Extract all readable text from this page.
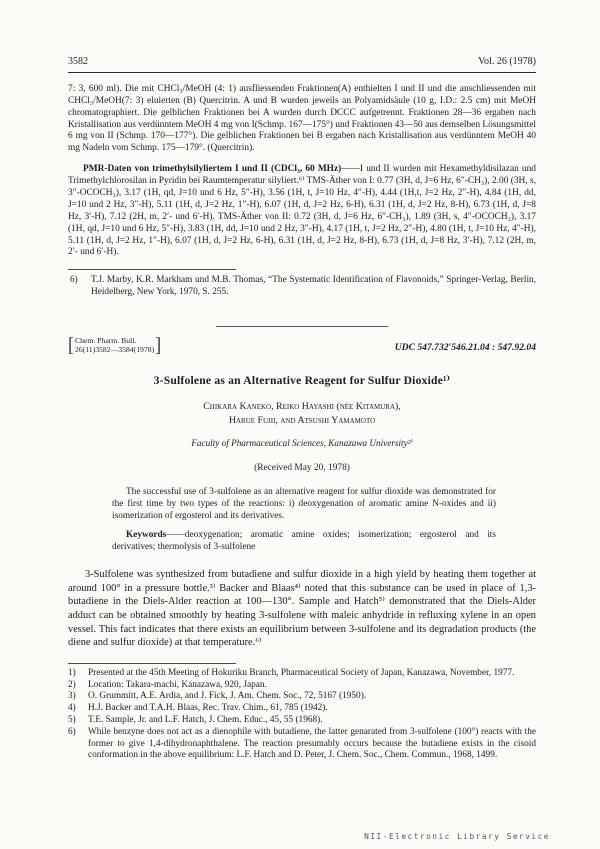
3582	Vol. 26 (1978)

7: 3, 600 ml). Die mit CHCl₃/MeOH (4: 1) ausfliessenden Fraktionen(A) enthielten I und II und die anschliessenden mit CHCl₃/MeOH(7: 3) eluierten (B) Quercitrin. A und B wurden jeweils an Polyamidsäule (10 g, I.D.: 2.5 cm) mit MeOH chromatographiert. Die gelblichen Fraktionen bei A wurden durch DCCC aufgetrennt. Fraktionen 28—36 ergaben nach Kristallisation aus verdünntem MeOH 4 mg von I(Schmp. 167—175°) und Fraktionen 43—50 aus demselben Lösungsmittel 6 mg von II (Schmp. 170—177°). Die gelblichen Fraktionen bei B ergaben nach Kristallisation aus verdünntem MeOH 40 mg Nadeln vom Schmp. 175—179°. (Quercitrin).

PMR-Daten von trimethylsilyliertem I und II (CDCl₃, 60 MHz)——I und II wurden mit Hexamethyldisilazan und Trimethylchlorosilan in Pyridin bei Raumtemperatur silyliert.⁶⁾ TMS-Äther von I: 0.77 (3H, d, J=6 Hz, 6″-CH₃), 2.00 (3H, s, 3″-OCOCH₃), 3.17 (1H, qd, J=10 und 6 Hz, 5″-H), 3.56 (1H, t, J=10 Hz, 4″-H), 4.44 (1H,t, J=2 Hz, 2″-H), 4.84 (1H, dd, J=10 und 2 Hz, 3″-H), 5.11 (1H, d, J=2 Hz, 1″-H), 6.07 (1H, d, J=2 Hz, 6-H), 6.31 (1H, d, J=2 Hz, 8-H), 6.73 (1H, d, J=8 Hz, 3′-H), 7.12 (2H, m, 2′- und 6′-H). TMS-Äther von II: 0.72 (3H, d, J=6 Hz, 6″-CH₃), 1.89 (3H, s, 4″-OCOCH₃), 3.17 (1H, qd, J=10 und 6 Hz, 5″-H), 3.83 (1H, dd, J=10 und 2 Hz, 3″-H), 4.17 (1H, t, J=2 Hz, 2″-H), 4.80 (1H, t, J=10 Hz, 4″-H), 5.11 (1H, d, J=2 Hz, 1″-H), 6.07 (1H, d, J=2 Hz, 6-H), 6.31 (1H, d, J=2 Hz, 8-H), 6.73 (1H, d, J=8 Hz, 3′-H), 7.12 (2H, m, 2′- und 6′-H).

6) T.J. Marby, K.R. Markham und M.B. Thomas, “The Systematic Identification of Flavonoids,” Springer-Verlag, Berlin, Heidelberg, New York, 1970, S. 255.

[ Chem. Pharm. Bull.
26(11)3582—3584(1978) ]	UDC 547.732′546.21.04 : 547.92.04
3-Sulfolene as an Alternative Reagent for Sulfur Dioxide¹⁾
Chikara Kaneko, Reiko Hayashi (née Kitamura),
Harue Fujii, and Atsushi Yamamoto
Faculty of Pharmaceutical Sciences, Kanazawa University²⁾
(Received May 20, 1978)

The successful use of 3-sulfolene as an alternative reagent for sulfur dioxide was demonstrated for the first time by two types of the reactions: i) deoxygenation of aromatic amine N-oxides and ii) isomerization of ergosterol and its derivatives.

Keywords——deoxygenation; aromatic amine oxides; isomerization; ergosterol and its derivatives; thermolysis of 3-sulfolene

3-Sulfolene was synthesized from butadiene and sulfur dioxide in a high yield by heating them together at around 100° in a pressure bottle.³⁾ Backer and Blaas⁴⁾ noted that this substance can be used in place of 1,3-butadiene in the Diels-Alder reaction at 100—130°. Sample and Hatch⁵⁾ demonstrated that the Diels-Alder adduct can be obtained smoothly by heating 3-sulfolene with maleic anhydride in refluxing xylene in an open vessel. This fact indicates that there exists an equilibrium between 3-sulfolene and its degradation products (the diene and sulfur dioxide) at that temperature.⁶⁾

1) Presented at the 45th Meeting of Hokuriku Branch, Pharmaceutical Society of Japan, Kanazawa, November, 1977.

2) Location: Takara-machi, Kanazawa, 920, Japan.

3) O. Grummitt, A.E. Ardia, and J. Fick, J. Am. Chem. Soc., 72, 5167 (1950).

4) H.J. Backer and T.A.H. Blaas, Rec. Trav. Chim., 61, 785 (1942).

5) T.E. Sample, Jr. and L.F. Hatch, J. Chem. Educ., 45, 55 (1968).

6) While benzyne does not act as a dienophile with butadiene, the latter genarated from 3-sulfolene (100°) reacts with the former to give 1,4-dihydronaphthalene. The reaction presumably occurs because the butadiene exists in the cisoid conformation in the above equilibrium: L.F. Hatch and D. Peter, J. Chem. Soc., Chem. Commun., 1968, 1499.

NII-Electronic Library Service
